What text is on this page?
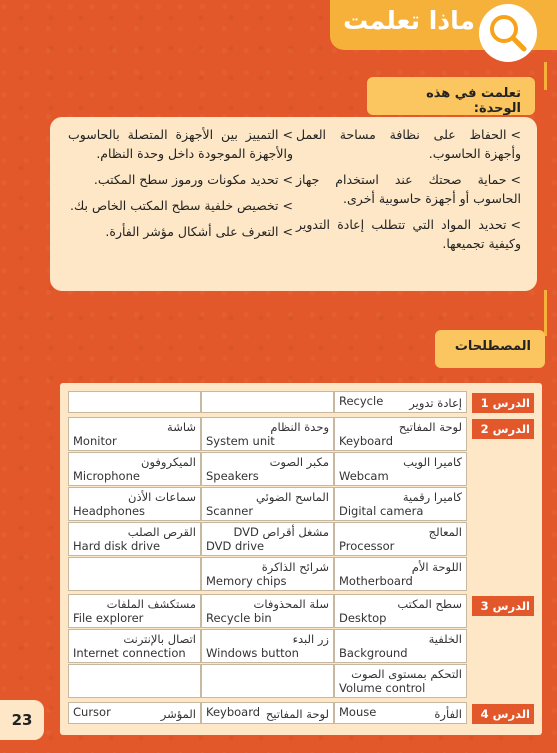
ماذا تعلمت
تعلمت في هذه الوحدة:
>الحفاظ على نظافة مساحة العمل وأجهزة الحاسوب.
>حماية صحتك عند استخدام جهاز الحاسوب أو أجهزة حاسوبية أخرى.
>تحديد المواد التي تتطلب إعادة التدوير وكيفية تجميعها.
>التمييز بين الأجهزة المتصلة بالحاسوب والأجهزة الموجودة داخل وحدة النظام.
>تحديد مكونات ورموز سطح المكتب.
>تخصيص خلفية سطح المكتب الخاص بك.
>التعرف على أشكال مؤشر الفأرة.
المصطلحات
الدرس 1
إعادة تدوير
Recycle
الدرس 2
لوحة المفاتيح
Keyboard
وحدة النظام
System unit
شاشة
Monitor
كاميرا الويب
Webcam
مكبر الصوت
Speakers
الميكروفون
Microphone
كاميرا رقمية
Digital camera
الماسح الضوئي
Scanner
سماعات الأذن
Headphones
المعالج
Processor
مشغل أقراص DVD
DVD drive
القرص الصلب
Hard disk drive
اللوحة الأم
Motherboard
شرائح الذاكرة
Memory chips
الدرس 3
سطح المكتب
Desktop
سلة المحذوفات
Recycle bin
مستكشف الملفات
File explorer
الخلفية
Background
زر البدء
Windows button
اتصال بالإنترنت
Internet connection
التحكم بمستوى الصوت
Volume control
الدرس 4
الفأرة
Mouse
لوحة المفاتيح
Keyboard
المؤشر
Cursor
23
